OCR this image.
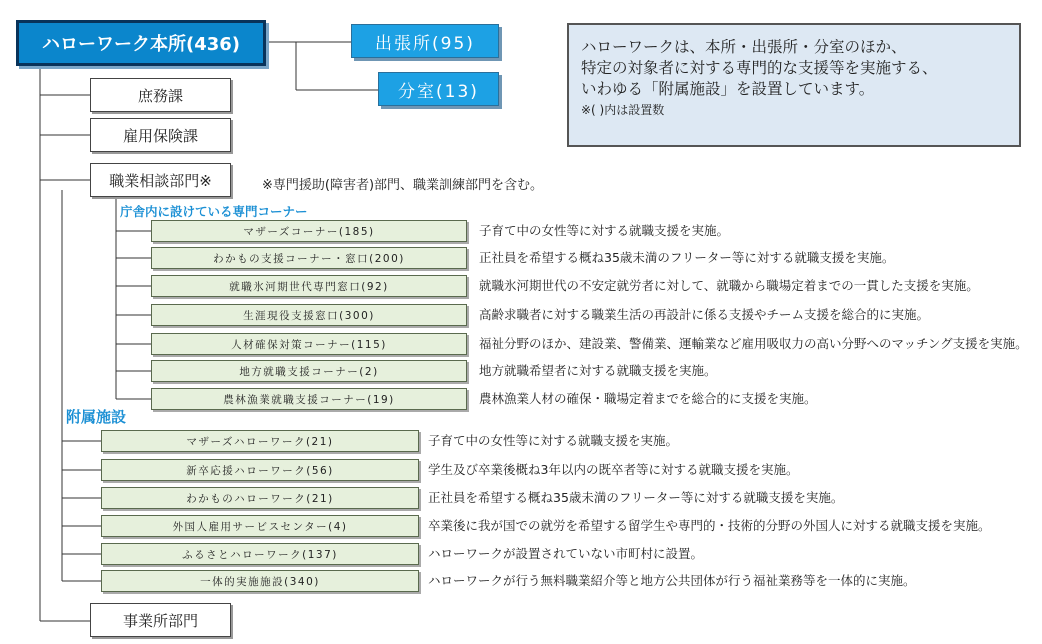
ハローワーク本所(436)	出張所(95)
分室(13)
ハローワークは、本所・出張所・分室のほか、
特定の対象者に対する専門的な支援等を実施する、
いわゆる「附属施設」を設置しています。
※( )内は設置数
庶務課
雇用保険課
職業相談部門※	※専門援助(障害者)部門、職業訓練部門を含む。
庁舎内に設けている専門コーナー
マザーズコーナー(185)	子育て中の女性等に対する就職支援を実施。
わかもの支援コーナー・窓口(200)	正社員を希望する概ね35歳未満のフリーター等に対する就職支援を実施。
就職氷河期世代専門窓口(92)	就職氷河期世代の不安定就労者に対して、就職から職場定着までの一貫した支援を実施。
生涯現役支援窓口(300)	高齢求職者に対する職業生活の再設計に係る支援やチーム支援を総合的に実施。
人材確保対策コーナー(115)	福祉分野のほか、建設業、警備業、運輸業など雇用吸収力の高い分野へのマッチング支援を実施。
地方就職支援コーナー(2)	地方就職希望者に対する就職支援を実施。
農林漁業就職支援コーナー(19)	農林漁業人材の確保・職場定着までを総合的に支援を実施。
附属施設
マザーズハローワーク(21)	子育て中の女性等に対する就職支援を実施。
新卒応援ハローワーク(56)	学生及び卒業後概ね3年以内の既卒者等に対する就職支援を実施。
わかものハローワーク(21)	正社員を希望する概ね35歳未満のフリーター等に対する就職支援を実施。
外国人雇用サービスセンター(4)	卒業後に我が国での就労を希望する留学生や専門的・技術的分野の外国人に対する就職支援を実施。
ふるさとハローワーク(137)	ハローワークが設置されていない市町村に設置。
一体的実施施設(340)	ハローワークが行う無料職業紹介等と地方公共団体が行う福祉業務等を一体的に実施。
事業所部門
